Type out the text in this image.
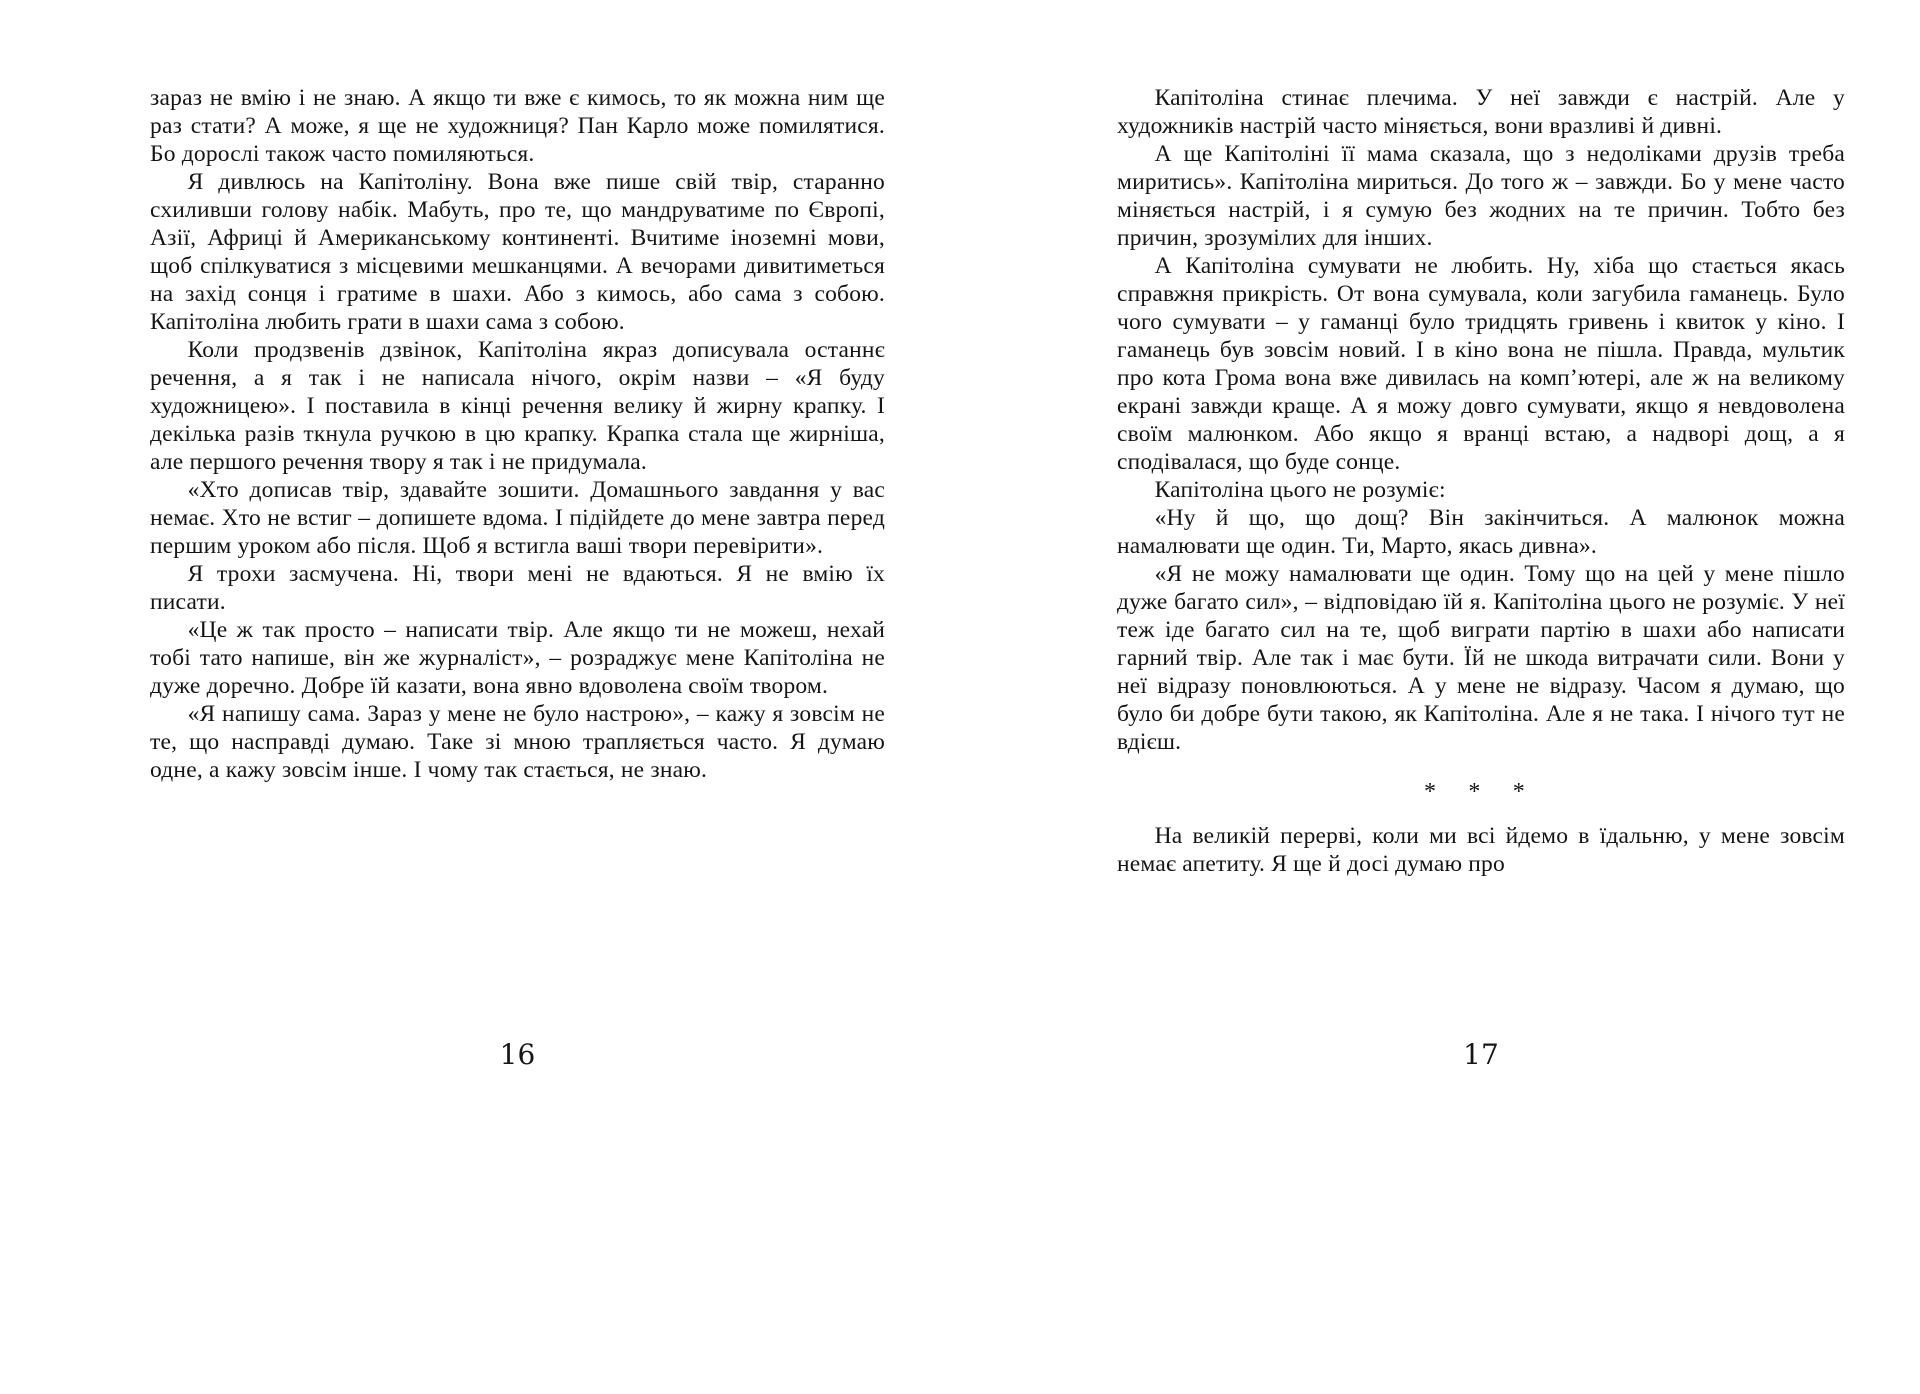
зараз не вмію і не знаю. А якщо ти вже є кимось, то як можна ним ще раз стати? А може, я ще не художниця? Пан Карло може помилятися. Бо дорослі також часто помиляються.
Я дивлюсь на Капітоліну. Вона вже пише свій твір, старанно схиливши голову набік. Мабуть, про те, що мандруватиме по Європі, Азії, Африці й Американському континенті. Вчитиме іноземні мови, щоб спілкуватися з місцевими мешканцями. А вечорами дивитиметься на захід сонця і гратиме в шахи. Або з кимось, або сама з собою. Капітоліна любить грати в шахи сама з собою.
Коли продзвенів дзвінок, Капітоліна якраз дописувала останнє речення, а я так і не написала нічого, окрім назви – «Я буду художницею». І поставила в кінці речення велику й жирну крапку. І декілька разів ткнула ручкою в цю крапку. Крапка стала ще жирніша, але першого речення твору я так і не придумала.
«Хто дописав твір, здавайте зошити. Домашнього завдання у вас немає. Хто не встиг – допишете вдома. І підійдете до мене завтра перед першим уроком або після. Щоб я встигла ваші твори перевірити».
Я трохи засмучена. Ні, твори мені не вдаються. Я не вмію їх писати.
«Це ж так просто – написати твір. Але якщо ти не можеш, нехай тобі тато напише, він же журналіст», – розраджує мене Капітоліна не дуже доречно. Добре їй казати, вона явно вдоволена своїм твором.
«Я напишу сама. Зараз у мене не було настрою», – кажу я зовсім не те, що насправді думаю. Таке зі мною трапляється часто. Я думаю одне, а кажу зовсім інше. І чому так стається, не знаю.
16
Капітоліна стинає плечима. У неї завжди є настрій. Але у художників настрій часто міняється, вони вразливі й дивні.
А ще Капітоліні її мама сказала, що з недоліками друзів треба миритись». Капітоліна мириться. До того ж – завжди. Бо у мене часто міняється настрій, і я сумую без жодних на те причин. Тобто без причин, зрозумілих для інших.
А Капітоліна сумувати не любить. Ну, хіба що стається якась справжня прикрість. От вона сумувала, коли загубила гаманець. Було чого сумувати – у гаманці було тридцять гривень і квиток у кіно. І гаманець був зовсім новий. І в кіно вона не пішла. Правда, мультик про кота Грома вона вже дивилась на комп’ютері, але ж на великому екрані завжди краще. А я можу довго сумувати, якщо я невдоволена своїм малюнком. Або якщо я вранці встаю, а надворі дощ, а я сподівалася, що буде сонце.
Капітоліна цього не розуміє:
«Ну й що, що дощ? Він закінчиться. А малюнок можна намалювати ще один. Ти, Марто, якась дивна».
«Я не можу намалювати ще один. Тому що на цей у мене пішло дуже багато сил», – відповідаю їй я. Капітоліна цього не розуміє. У неї теж іде багато сил на те, щоб виграти партію в шахи або написати гарний твір. Але так і має бути. Їй не шкода витрачати сили. Вони у неї відразу поновлюються. А у мене не відразу. Часом я думаю, що було би добре бути такою, як Капітоліна. Але я не така. І нічого тут не вдієш.
* * *
На великій перерві, коли ми всі йдемо в їдальню, у мене зовсім немає апетиту. Я ще й досі думаю про
17
